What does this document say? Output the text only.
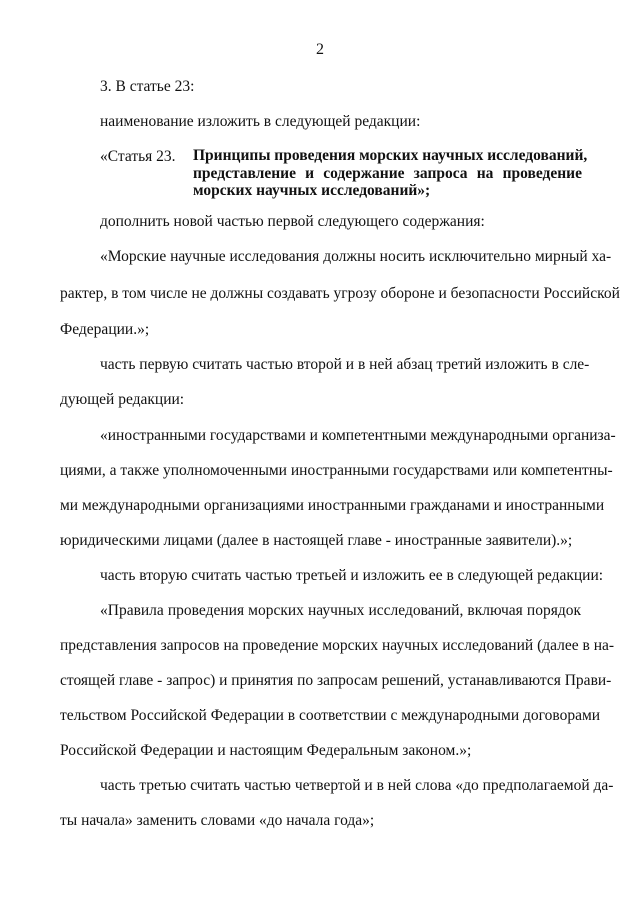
2
3. В статье 23:
наименование изложить в следующей редакции:
«Статья 23. Принципы проведения морских научных исследований,
представление и содержание запроса на проведение
морских научных исследований»;
дополнить новой частью первой следующего содержания:
«Морские научные исследования должны носить исключительно мирный ха-
рактер, в том числе не должны создавать угрозу обороне и безопасности Российской
Федерации.»;
часть первую считать частью второй и в ней абзац третий изложить в сле-
дующей редакции:
«иностранными государствами и компетентными международными организа-
циями, а также уполномоченными иностранными государствами или компетентны-
ми международными организациями иностранными гражданами и иностранными
юридическими лицами (далее в настоящей главе - иностранные заявители).»;
часть вторую считать частью третьей и изложить ее в следующей редакции:
«Правила проведения морских научных исследований, включая порядок
представления запросов на проведение морских научных исследований (далее в на-
стоящей главе - запрос) и принятия по запросам решений, устанавливаются Прави-
тельством Российской Федерации в соответствии с международными договорами
Российской Федерации и настоящим Федеральным законом.»;
часть третью считать частью четвертой и в ней слова «до предполагаемой да-
ты начала» заменить словами «до начала года»;
